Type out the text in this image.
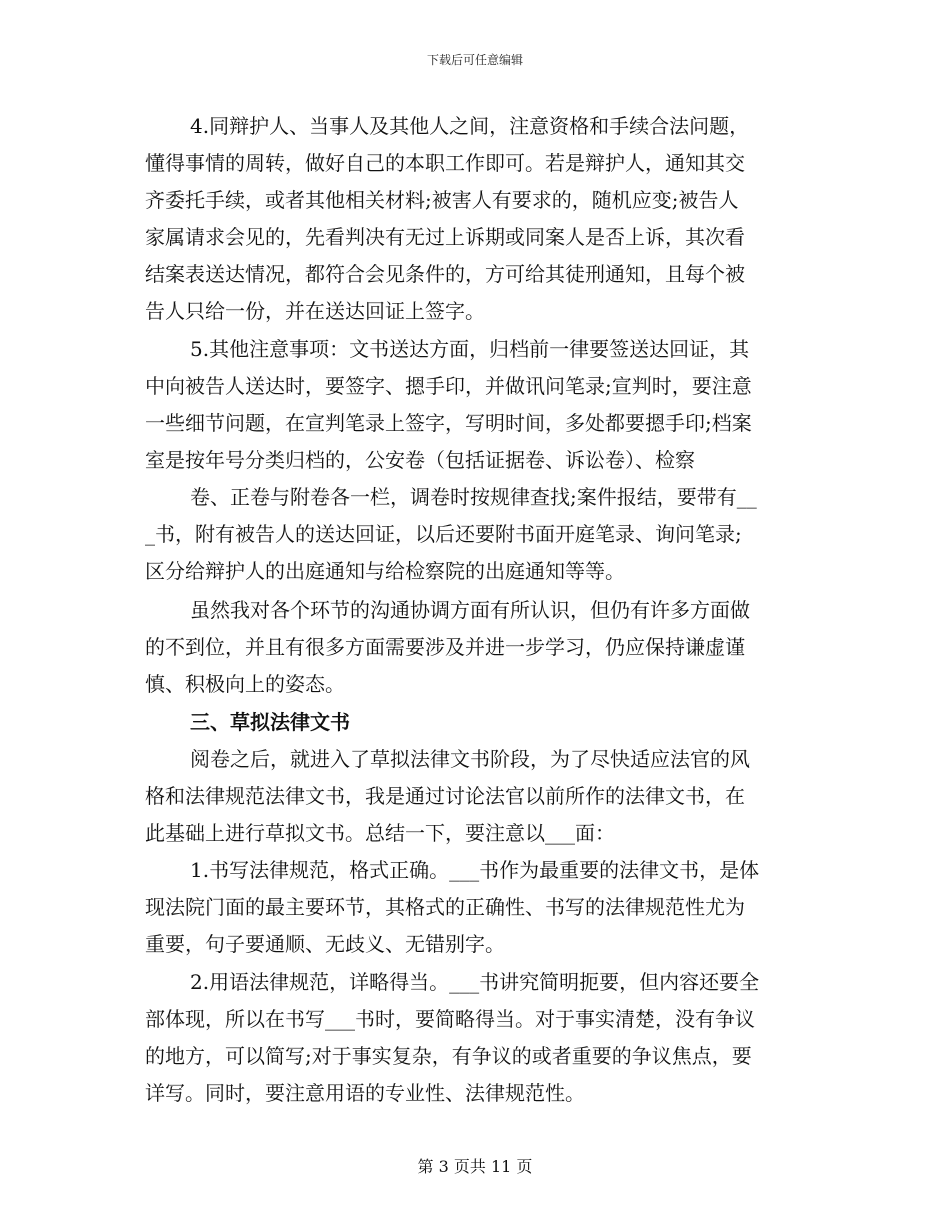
下载后可任意编辑
4.同辩护人、当事人及其他人之间，注意资格和手续合法问题，
懂得事情的周转，做好自己的本职工作即可。若是辩护人，通知其交
齐委托手续，或者其他相关材料;被害人有要求的，随机应变;被告人
家属请求会见的，先看判决有无过上诉期或同案人是否上诉，其次看
结案表送达情况，都符合会见条件的，方可给其徒刑通知，且每个被
告人只给一份，并在送达回证上签字。
5.其他注意事项：文书送达方面，归档前一律要签送达回证，其
中向被告人送达时，要签字、摁手印，并做讯问笔录;宣判时，要注意
一些细节问题，在宣判笔录上签字，写明时间，多处都要摁手印;档案
室是按年号分类归档的，公安卷（包括证据卷、诉讼卷）、检察
卷、正卷与附卷各一栏，调卷时按规律查找;案件报结，要带有__
_书，附有被告人的送达回证，以后还要附书面开庭笔录、询问笔录;
区分给辩护人的出庭通知与给检察院的出庭通知等等。
虽然我对各个环节的沟通协调方面有所认识，但仍有许多方面做
的不到位，并且有很多方面需要涉及并进一步学习，仍应保持谦虚谨
慎、积极向上的姿态。
三、草拟法律文书
阅卷之后，就进入了草拟法律文书阶段，为了尽快适应法官的风
格和法律规范法律文书，我是通过讨论法官以前所作的法律文书，在
此基础上进行草拟文书。总结一下，要注意以___面：
1.书写法律规范，格式正确。___书作为最重要的法律文书，是体
现法院门面的最主要环节，其格式的正确性、书写的法律规范性尤为
重要，句子要通顺、无歧义、无错别字。
2.用语法律规范，详略得当。___书讲究简明扼要，但内容还要全
部体现，所以在书写___书时，要简略得当。对于事实清楚，没有争议
的地方，可以简写;对于事实复杂，有争议的或者重要的争议焦点，要
详写。同时，要注意用语的专业性、法律规范性。
第 3 页共 11 页
